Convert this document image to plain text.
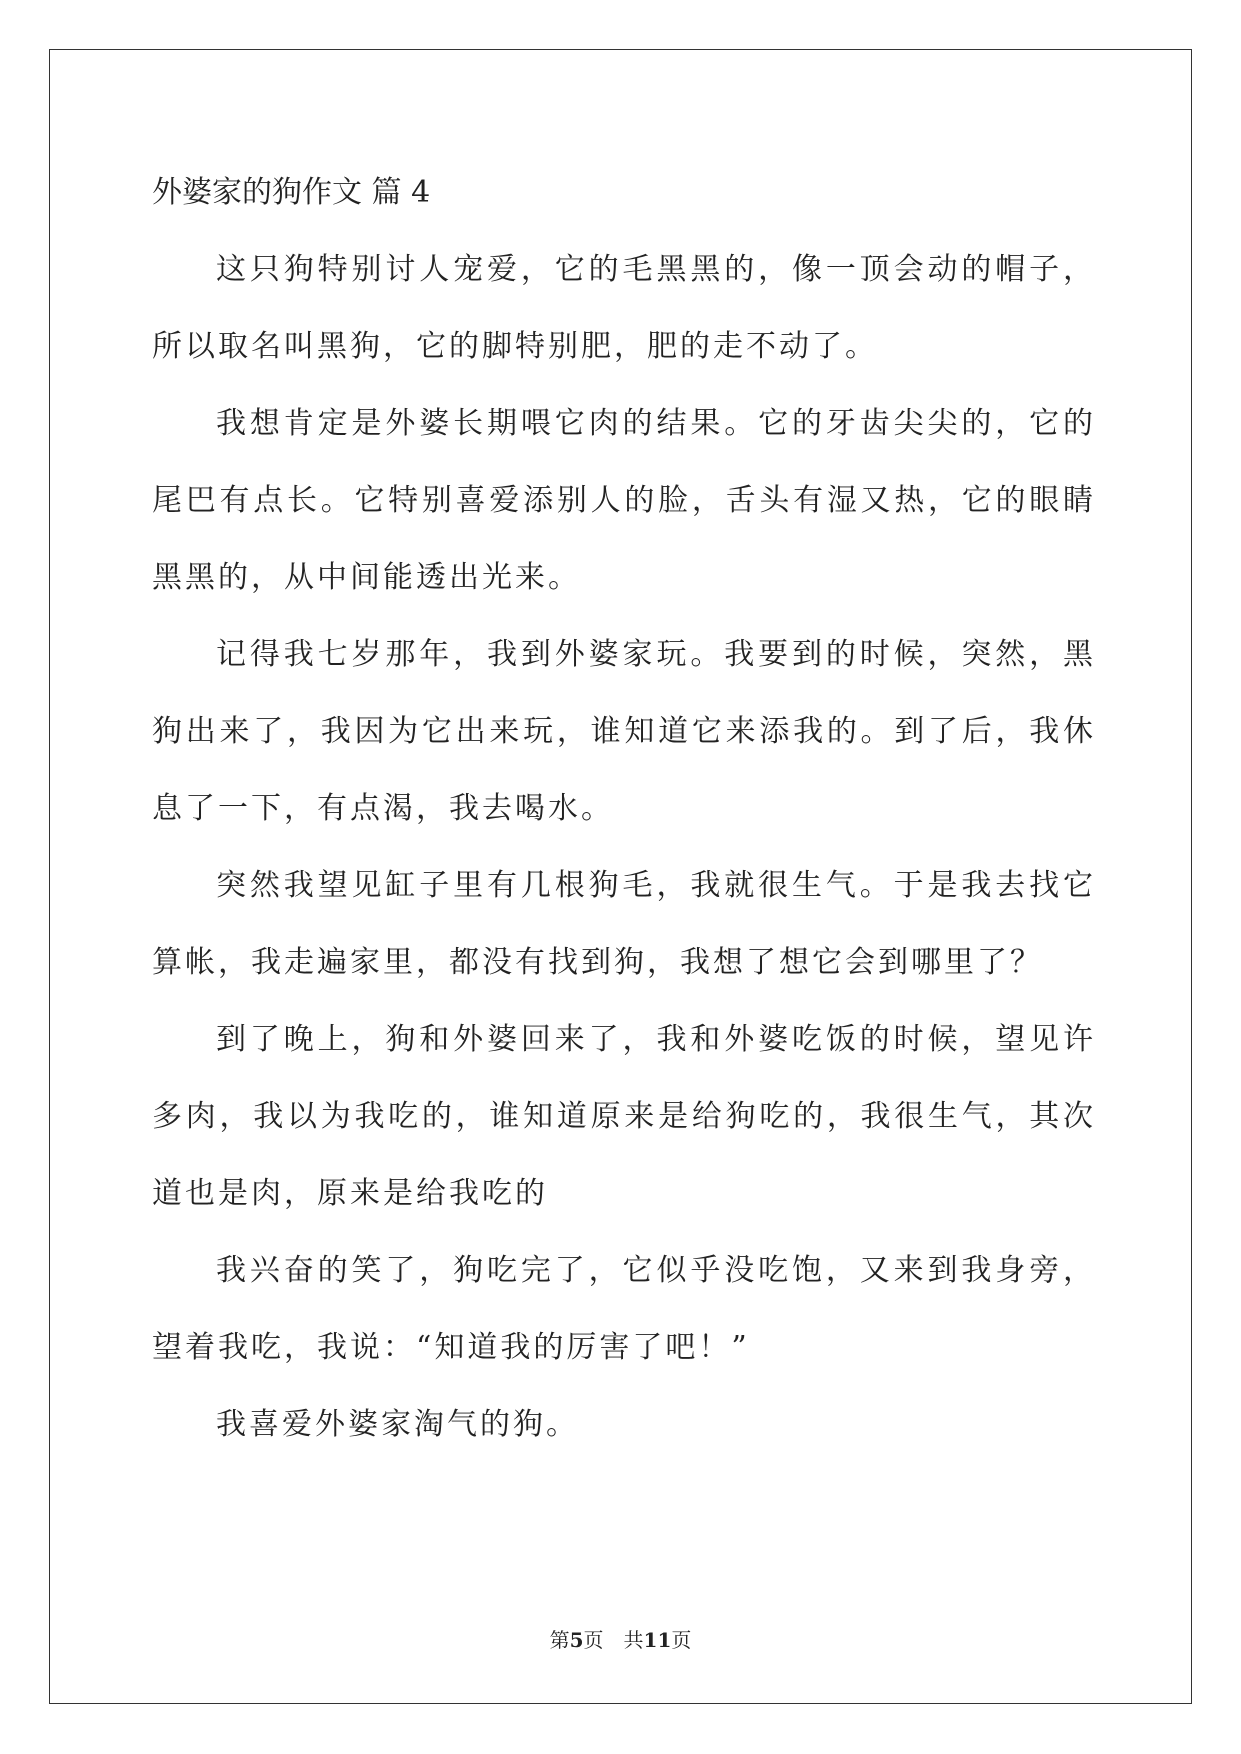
外婆家的狗作文 篇 4

这只狗特别讨人宠爱，它的毛黑黑的，像一顶会动的帽子，所以取名叫黑狗，它的脚特别肥，肥的走不动了。

我想肯定是外婆长期喂它肉的结果。它的牙齿尖尖的，它的尾巴有点长。它特别喜爱添别人的脸，舌头有湿又热，它的眼睛黑黑的，从中间能透出光来。

记得我七岁那年，我到外婆家玩。我要到的时候，突然，黑狗出来了，我因为它出来玩，谁知道它来添我的。到了后，我休息了一下，有点渴，我去喝水。

突然我望见缸子里有几根狗毛，我就很生气。于是我去找它算帐，我走遍家里，都没有找到狗，我想了想它会到哪里了？

到了晚上，狗和外婆回来了，我和外婆吃饭的时候，望见许多肉，我以为我吃的，谁知道原来是给狗吃的，我很生气，其次道也是肉，原来是给我吃的

我兴奋的笑了，狗吃完了，它似乎没吃饱，又来到我身旁，望着我吃，我说：“知道我的厉害了吧！”

我喜爱外婆家淘气的狗。

第5页　共11页
